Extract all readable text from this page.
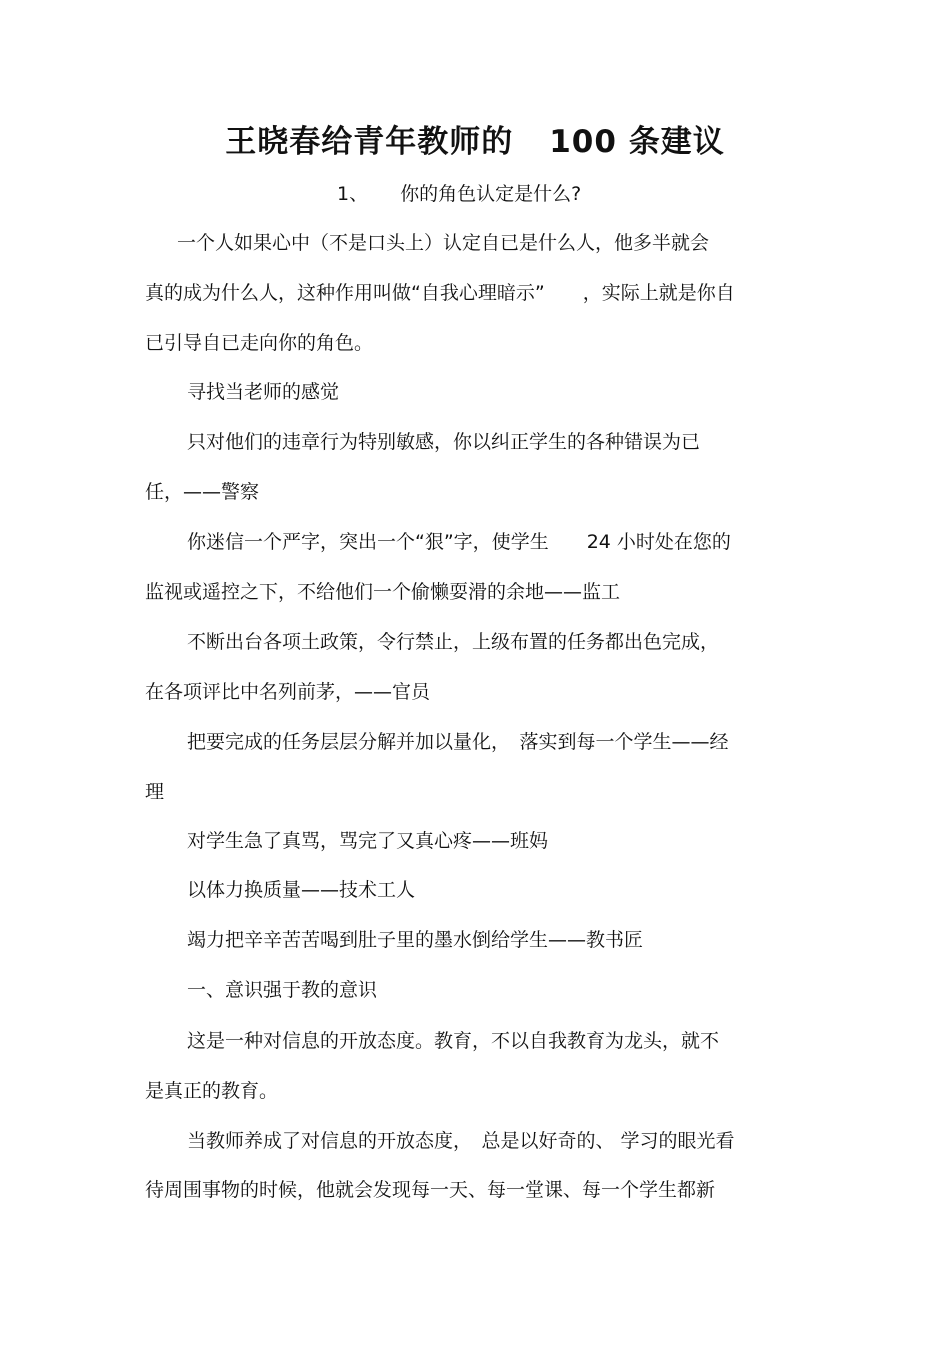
王晓春给青年教师的 100 条建议

1、 你的角色认定是什么?

一个人如果心中（不是口头上）认定自已是什么人，他多半就会

真的成为什么人，这种作用叫做“自我心理暗示”　　，实际上就是你自

已引导自已走向你的角色。

寻找当老师的感觉

只对他们的违章行为特别敏感，你以纠正学生的各种错误为已

任，——警察

你迷信一个严字，突出一个“狠”字，使学生　　24 小时处在您的

监视或遥控之下，不给他们一个偷懒耍滑的余地——监工

不断出台各项土政策，令行禁止，上级布置的任务都出色完成，

在各项评比中名列前茅，——官员

把要完成的任务层层分解并加以量化，　落实到每一个学生——经

理

对学生急了真骂，骂完了又真心疼——班妈

以体力换质量——技术工人

竭力把辛辛苦苦喝到肚子里的墨水倒给学生——教书匠

一、意识强于教的意识

这是一种对信息的开放态度。教育，不以自我教育为龙头，就不

是真正的教育。

当教师养成了对信息的开放态度，　总是以好奇的、 学习的眼光看

待周围事物的时候，他就会发现每一天、每一堂课、每一个学生都新
